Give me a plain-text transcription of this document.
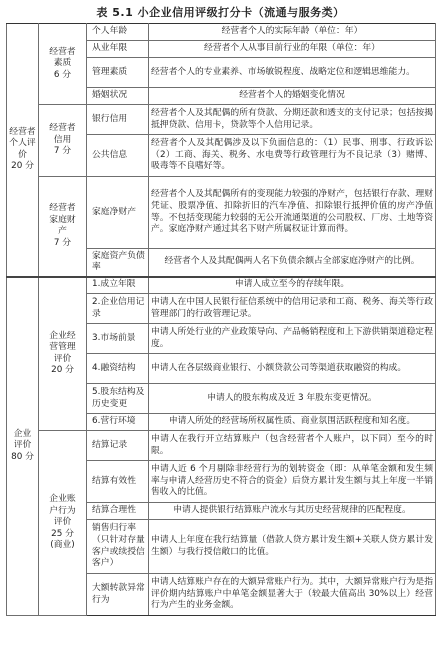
表 5.1 小企业信用评级打分卡（流通与服务类）
经营者个人评价
20 分	经营者
素质
6 分	个人年龄	经营者个人的实际年龄（单位：年）
		从业年限	经营者个人从事目前行业的年限（单位：年）
		管理素质	经营者个人的专业素养、市场敏锐程度、战略定位和逻辑思维能力。
		婚姻状况	经营者个人的婚姻变化情况
	经营者
信用
7 分	银行信用	经营者个人及其配偶的所有贷款、分期还款和透支的支付记录；包括按揭抵押贷款、信用卡，贷款等个人信用记录。
		公共信息	经营者个人及其配偶涉及以下负面信息的：（1）民事、刑事、行政诉讼（2）工商、海关、税务、水电费等行政管理行为不良记录（3）赌博、吸毒等不良嗜好等。
	经营者
家庭财
产
7 分	家庭净财产	经营者个人及其配偶所有的变现能力较强的净财产，包括银行存款、理财凭证、股票净值、扣除折旧的汽车净值、扣除银行抵押价值的房产净值等。不包括变现能力较弱的无公开流通渠道的公司股权、厂房、土地等资产。家庭净财产通过其名下财产所属权证计算而得。
		家庭资产负债率	经营者个人及其配偶两人名下负债余额占全部家庭净财产的比例。
企业
评价
80 分	企业经
营管理
评价
20 分	1.成立年限	申请人成立至今的存续年限。
		2.企业信用记录	申请人在中国人民银行征信系统中的信用记录和工商、税务、海关等行政管理部门的行政管理记录。
		3.市场前景	申请人所处行业的产业政策导向、产品畅销程度和上下游供销渠道稳定程度。
		4.融资结构	申请人在各层级商业银行、小额贷款公司等渠道获取融资的构成。
		5.股东结构及历史变更	申请人的股东构成及近 3 年股东变更情况。
		6.营行环境	申请人所处的经营场所权属性质、商业氛围活跃程度和知名度。
	企业账
户行为
评价
25 分
(商业)	结算记录	申请人在我行开立结算账户（包含经营者个人账户，以下同）至今的时限。
		结算有效性	申请人近 6 个月剔除非经营行为的划转资金（即：从单笔金额和发生频率与申请人经营历史不符合的资金）后贷方累计发生额与其上年度一半销售收入的比值。
		结算合理性	申请人提供银行结算账户流水与其历史经营规律的匹配程度。
		销售归行率（只针对存量客户或续授信客户）	申请人上年度在我行结算量（借款人贷方累计发生额+关联人贷方累计发生额）与我行授信敞口的比值。
		大额转款异常行为	申请人结算账户存在的大额异常账户行为。其中，大额异常账户行为是指评价期内结算账户中单笔金额显著大于（较最大值高出 30%以上）经营行为产生的业务金额。
